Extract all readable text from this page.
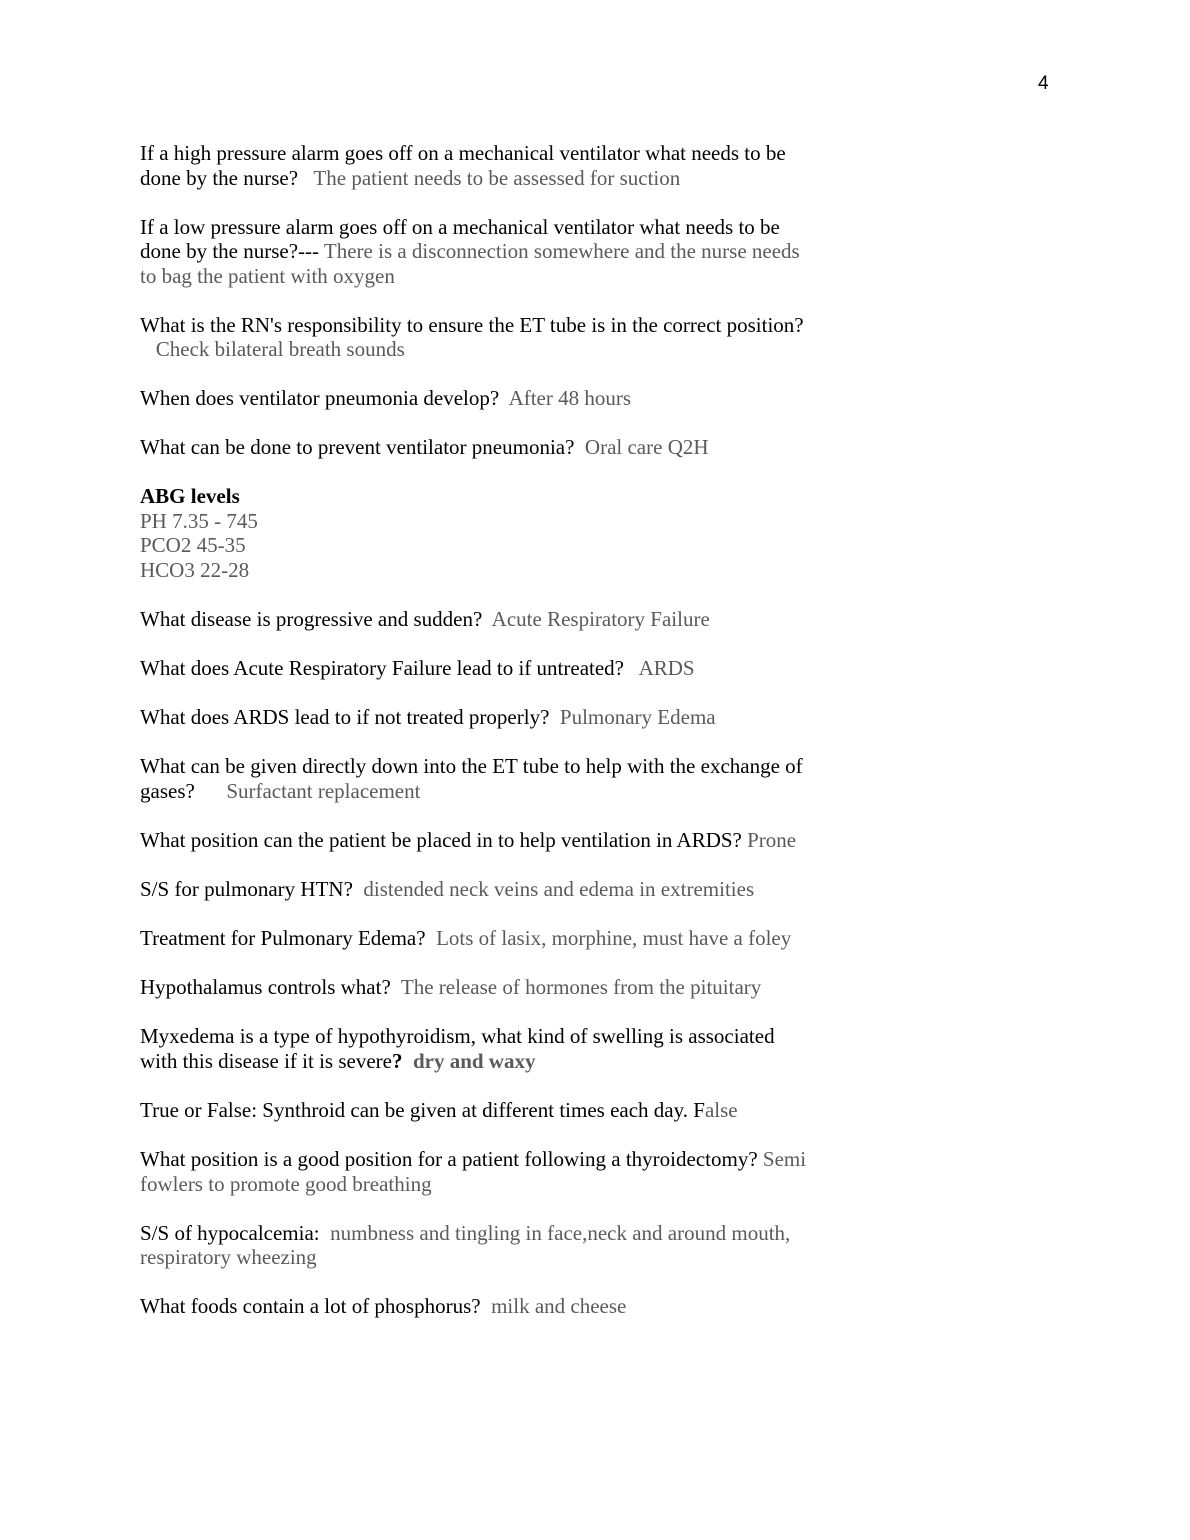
4

If a high pressure alarm goes off on a mechanical ventilator what needs to be done by the nurse? The patient needs to be assessed for suction

If a low pressure alarm goes off on a mechanical ventilator what needs to be done by the nurse?--- There is a disconnection somewhere and the nurse needs to bag the patient with oxygen

What is the RN's responsibility to ensure the ET tube is in the correct position?   Check bilateral breath sounds

When does ventilator pneumonia develop? After 48 hours

What can be done to prevent ventilator pneumonia? Oral care Q2H

ABG levels
PH 7.35 - 745
PCO2 45-35
HCO3 22-28

What disease is progressive and sudden? Acute Respiratory Failure

What does Acute Respiratory Failure lead to if untreated? ARDS

What does ARDS lead to if not treated properly? Pulmonary Edema

What can be given directly down into the ET tube to help with the exchange of gases? Surfactant replacement

What position can the patient be placed in to help ventilation in ARDS? Prone

S/S for pulmonary HTN? distended neck veins and edema in extremities

Treatment for Pulmonary Edema? Lots of lasix, morphine, must have a foley

Hypothalamus controls what? The release of hormones from the pituitary

Myxedema is a type of hypothyroidism, what kind of swelling is associated with this disease if it is severe? dry and waxy

True or False: Synthroid can be given at different times each day. False

What position is a good position for a patient following a thyroidectomy? Semi fowlers to promote good breathing

S/S of hypocalcemia: numbness and tingling in face,neck and around mouth, respiratory wheezing

What foods contain a lot of phosphorus? milk and cheese
